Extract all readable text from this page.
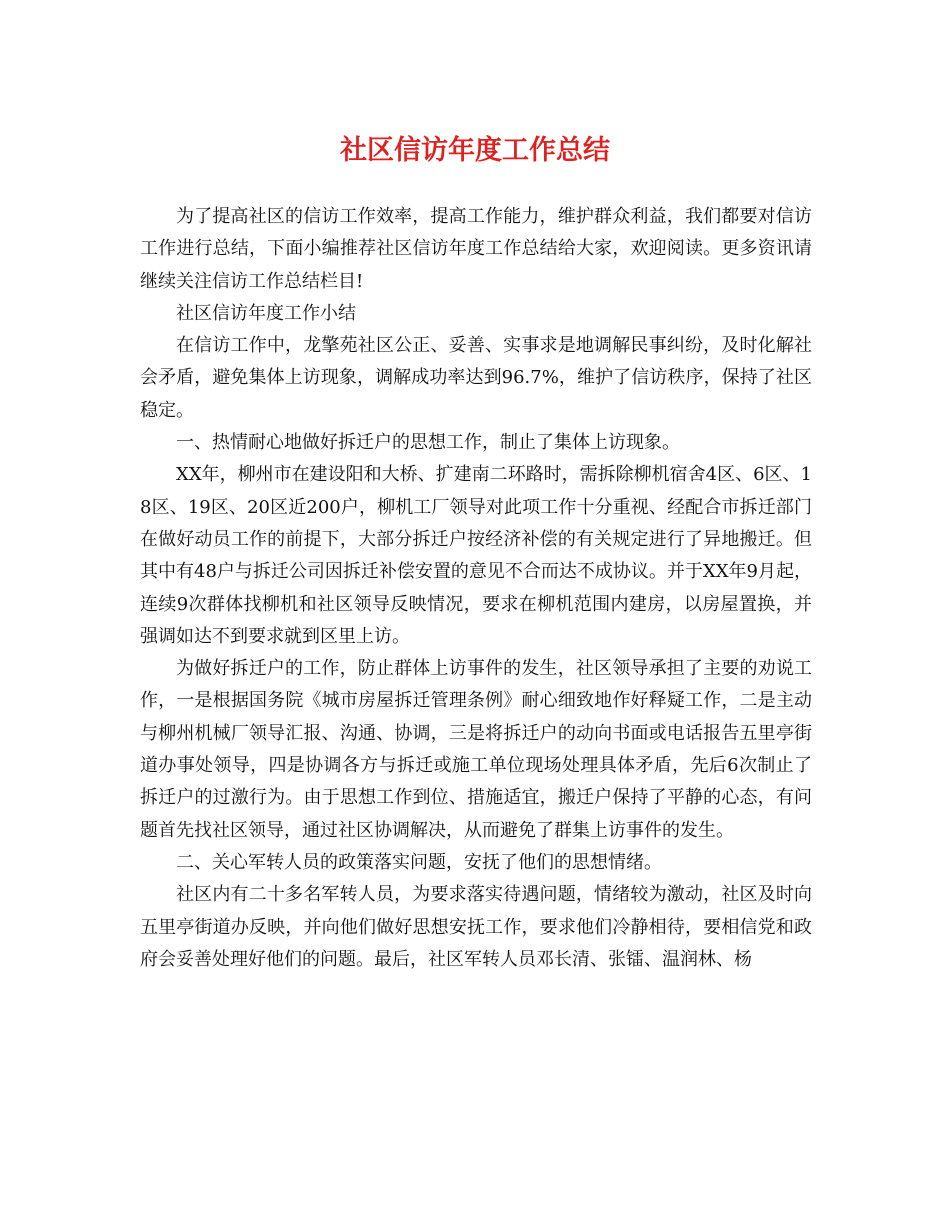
社区信访年度工作总结

为了提高社区的信访工作效率，提高工作能力，维护群众利益，我们都要对信访工作进行总结，下面小编推荐社区信访年度工作总结给大家，欢迎阅读。更多资讯请继续关注信访工作总结栏目!

社区信访年度工作小结

在信访工作中，龙擎苑社区公正、妥善、实事求是地调解民事纠纷，及时化解社会矛盾，避免集体上访现象，调解成功率达到96.7%，维护了信访秩序，保持了社区稳定。

一、热情耐心地做好拆迁户的思想工作，制止了集体上访现象。

XX年，柳州市在建设阳和大桥、扩建南二环路时，需拆除柳机宿舍4区、6区、18区、19区、20区近200户，柳机工厂领导对此项工作十分重视、经配合市拆迁部门在做好动员工作的前提下，大部分拆迁户按经济补偿的有关规定进行了异地搬迁。但其中有48户与拆迁公司因拆迁补偿安置的意见不合而达不成协议。并于XX年9月起，连续9次群体找柳机和社区领导反映情况，要求在柳机范围内建房，以房屋置换，并强调如达不到要求就到区里上访。

为做好拆迁户的工作，防止群体上访事件的发生，社区领导承担了主要的劝说工作，一是根据国务院《城市房屋拆迁管理条例》耐心细致地作好释疑工作，二是主动与柳州机械厂领导汇报、沟通、协调，三是将拆迁户的动向书面或电话报告五里亭街道办事处领导，四是协调各方与拆迁或施工单位现场处理具体矛盾，先后6次制止了拆迁户的过激行为。由于思想工作到位、措施适宜，搬迁户保持了平静的心态，有问题首先找社区领导，通过社区协调解决，从而避免了群集上访事件的发生。

二、关心军转人员的政策落实问题，安抚了他们的思想情绪。

社区内有二十多名军转人员，为要求落实待遇问题，情绪较为激动，社区及时向五里亭街道办反映，并向他们做好思想安抚工作，要求他们冷静相待，要相信党和政府会妥善处理好他们的问题。最后，社区军转人员邓长清、张镭、温润林、杨
